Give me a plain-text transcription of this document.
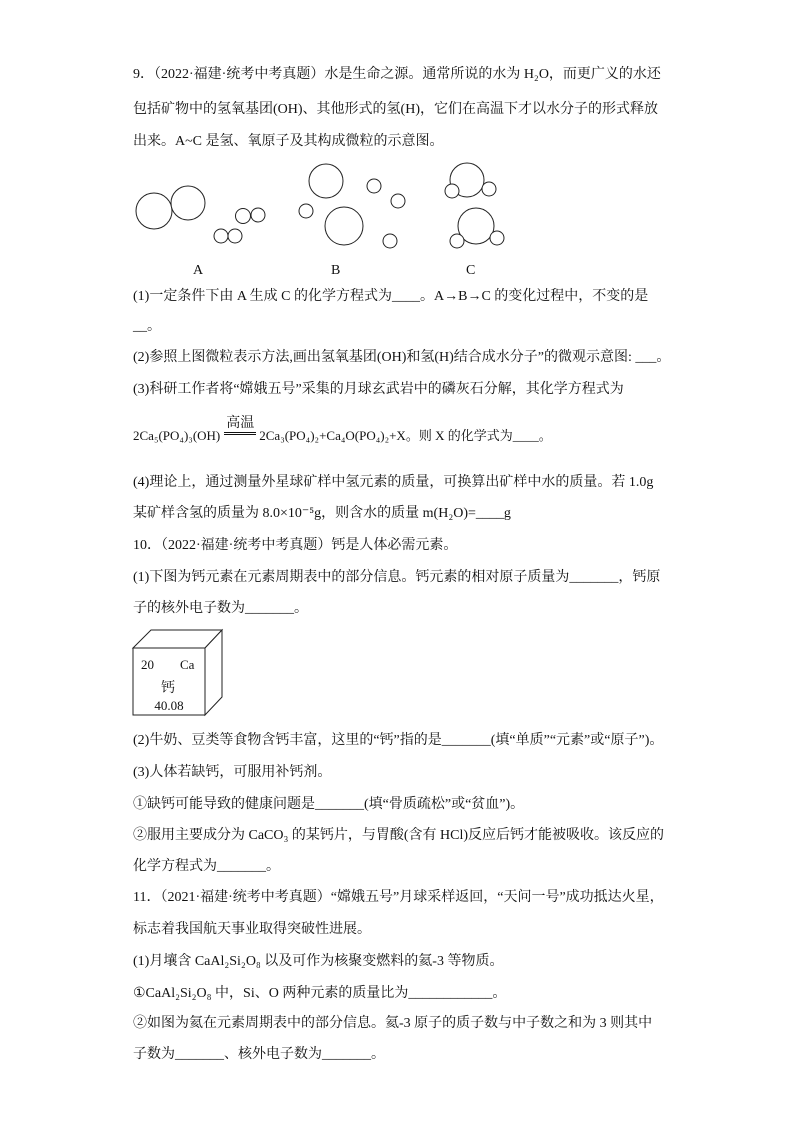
9．（2022·福建·统考中考真题）水是生命之源。通常所说的水为 H₂O，而更广义的水还
包括矿物中的氢氧基团(OH)、其他形式的氢(H)，它们在高温下才以水分子的形式释放
出来。A~C 是氢、氧原子及其构成微粒的示意图。
A	B	C
(1)一定条件下由 A 生成 C 的化学方程式为____。A→B→C 的变化过程中，不变的是
__。
(2)参照上图微粒表示方法,画出氢氧基团(OH)和氢(H)结合成水分子”的微观示意图: ___。
(3)科研工作者将“嫦娥五号”采集的月球玄武岩中的磷灰石分解，其化学方程式为
2Ca₅(PO₄)₃(OH)
高温
2Ca₃(PO₄)₂+Ca₄O(PO₄)₂+X。则 X 的化学式为____。
(4)理论上，通过测量外星球矿样中氢元素的质量，可换算出矿样中水的质量。若 1.0g
某矿样含氢的质量为 8.0×10⁻⁵g，则含水的质量 m(H₂O)=____g
10．（2022·福建·统考中考真题）钙是人体必需元素。
(1)下图为钙元素在元素周期表中的部分信息。钙元素的相对原子质量为_______，钙原
子的核外电子数为_______。
20 Ca
钙
40.08
(2)牛奶、豆类等食物含钙丰富，这里的“钙”指的是_______(填“单质”“元素”或“原子”)。
(3)人体若缺钙，可服用补钙剂。
①缺钙可能导致的健康问题是_______(填“骨质疏松”或“贫血”)。
②服用主要成分为 CaCO₃ 的某钙片，与胃酸(含有 HCl)反应后钙才能被吸收。该反应的
化学方程式为_______。
11．（2021·福建·统考中考真题）“嫦娥五号”月球采样返回，“天问一号”成功抵达火星，
标志着我国航天事业取得突破性进展。
(1)月壤含 CaAl₂Si₂O₈ 以及可作为核聚变燃料的氦-3 等物质。
①CaAl₂Si₂O₈ 中，Si、O 两种元素的质量比为____________。
②如图为氦在元素周期表中的部分信息。氦-3 原子的质子数与中子数之和为 3 则其中
子数为_______、核外电子数为_______。
